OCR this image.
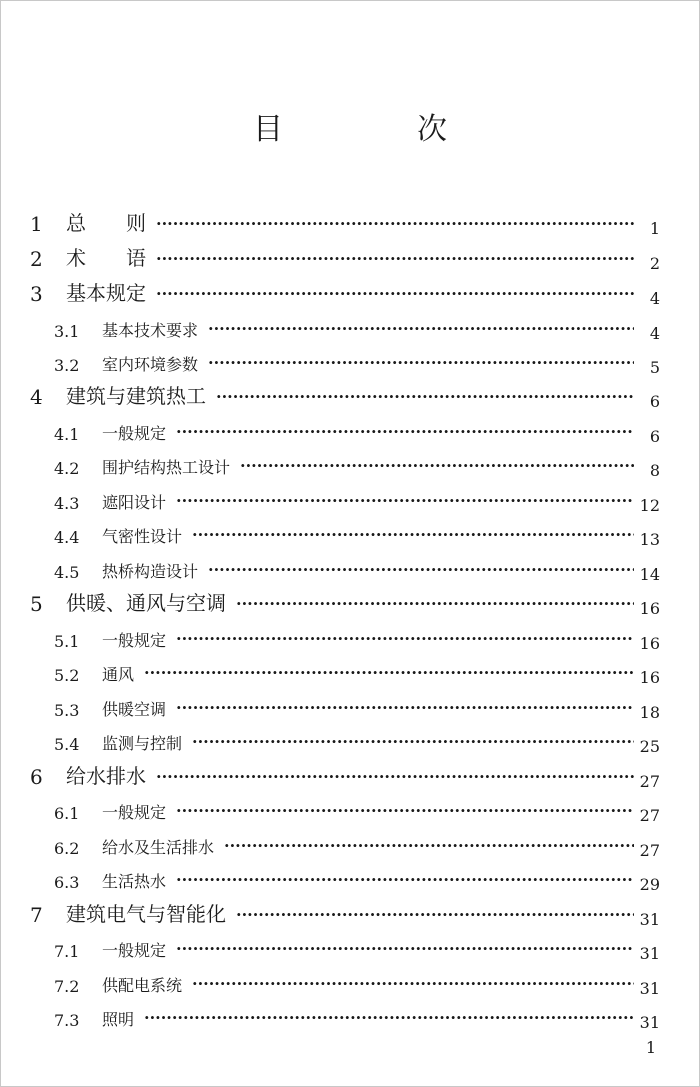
目　次
1 总　　则 ·····	1
2 术　　语 ·····	2
3 基本规定 ·····	4
3.1 基本技术要求 ·····	4
3.2 室内环境参数 ·····	5
4 建筑与建筑热工 ·····	6
4.1 一般规定 ·····	6
4.2 围护结构热工设计 ·····	8
4.3 遮阳设计 ·····	12
4.4 气密性设计 ·····	13
4.5 热桥构造设计 ·····	14
5 供暖、通风与空调 ·····	16
5.1 一般规定 ·····	16
5.2 通风 ·····	16
5.3 供暖空调 ·····	18
5.4 监测与控制 ·····	25
6 给水排水 ·····	27
6.1 一般规定 ·····	27
6.2 给水及生活排水 ·····	27
6.3 生活热水 ·····	29
7 建筑电气与智能化 ·····	31
7.1 一般规定 ·····	31
7.2 供配电系统 ·····	31
7.3 照明 ·····	31
1
